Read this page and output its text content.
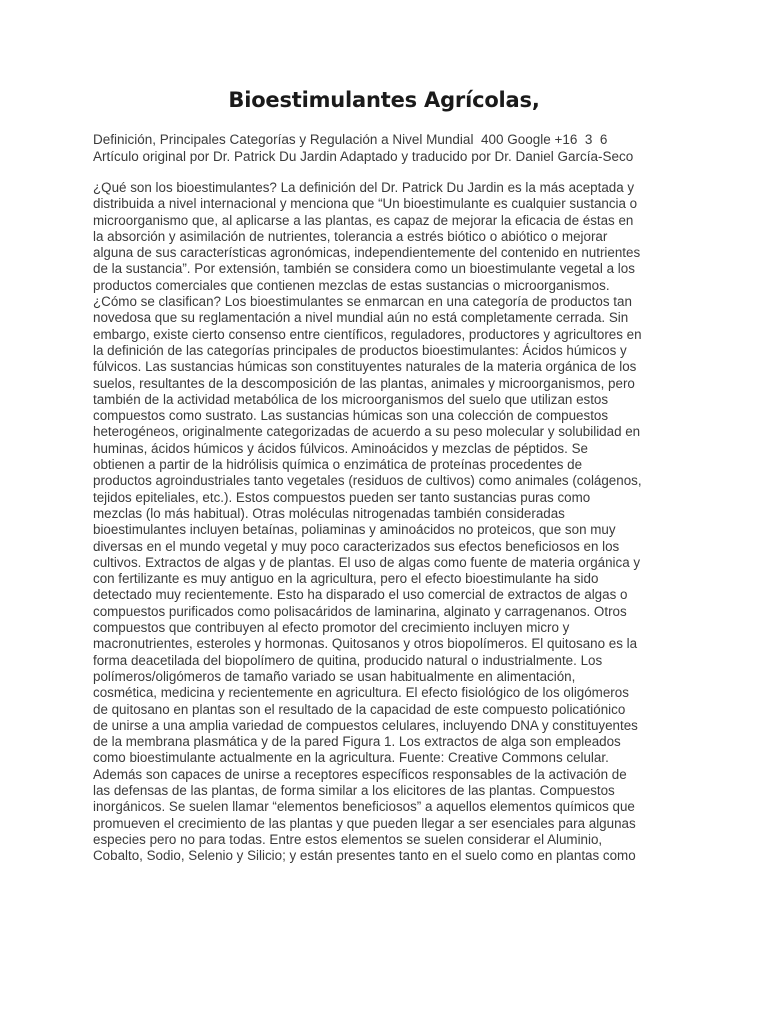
Bioestimulantes Agrícolas,
Definición, Principales Categorías y Regulación a Nivel Mundial  400 Google +16  3  6
Artículo original por Dr. Patrick Du Jardin Adaptado y traducido por Dr. Daniel García-Seco
¿Qué son los bioestimulantes? La definición del Dr. Patrick Du Jardin es la más aceptada y
distribuida a nivel internacional y menciona que “Un bioestimulante es cualquier sustancia o
microorganismo que, al aplicarse a las plantas, es capaz de mejorar la eficacia de éstas en
la absorción y asimilación de nutrientes, tolerancia a estrés biótico o abiótico o mejorar
alguna de sus características agronómicas, independientemente del contenido en nutrientes
de la sustancia”. Por extensión, también se considera como un bioestimulante vegetal a los
productos comerciales que contienen mezclas de estas sustancias o microorganismos.
¿Cómo se clasifican? Los bioestimulantes se enmarcan en una categoría de productos tan
novedosa que su reglamentación a nivel mundial aún no está completamente cerrada. Sin
embargo, existe cierto consenso entre científicos, reguladores, productores y agricultores en
la definición de las categorías principales de productos bioestimulantes: Ácidos húmicos y
fúlvicos. Las sustancias húmicas son constituyentes naturales de la materia orgánica de los
suelos, resultantes de la descomposición de las plantas, animales y microorganismos, pero
también de la actividad metabólica de los microorganismos del suelo que utilizan estos
compuestos como sustrato. Las sustancias húmicas son una colección de compuestos
heterogéneos, originalmente categorizadas de acuerdo a su peso molecular y solubilidad en
huminas, ácidos húmicos y ácidos fúlvicos. Aminoácidos y mezclas de péptidos. Se
obtienen a partir de la hidrólisis química o enzimática de proteínas procedentes de
productos agroindustriales tanto vegetales (residuos de cultivos) como animales (colágenos,
tejidos epiteliales, etc.). Estos compuestos pueden ser tanto sustancias puras como
mezclas (lo más habitual). Otras moléculas nitrogenadas también consideradas
bioestimulantes incluyen betaínas, poliaminas y aminoácidos no proteicos, que son muy
diversas en el mundo vegetal y muy poco caracterizados sus efectos beneficiosos en los
cultivos. Extractos de algas y de plantas. El uso de algas como fuente de materia orgánica y
con fertilizante es muy antiguo en la agricultura, pero el efecto bioestimulante ha sido
detectado muy recientemente. Esto ha disparado el uso comercial de extractos de algas o
compuestos purificados como polisacáridos de laminarina, alginato y carragenanos. Otros
compuestos que contribuyen al efecto promotor del crecimiento incluyen micro y
macronutrientes, esteroles y hormonas. Quitosanos y otros biopolímeros. El quitosano es la
forma deacetilada del biopolímero de quitina, producido natural o industrialmente. Los
polímeros/oligómeros de tamaño variado se usan habitualmente en alimentación,
cosmética, medicina y recientemente en agricultura. El efecto fisiológico de los oligómeros
de quitosano en plantas son el resultado de la capacidad de este compuesto policatiónico
de unirse a una amplia variedad de compuestos celulares, incluyendo DNA y constituyentes
de la membrana plasmática y de la pared Figura 1. Los extractos de alga son empleados
como bioestimulante actualmente en la agricultura. Fuente: Creative Commons celular.
Además son capaces de unirse a receptores específicos responsables de la activación de
las defensas de las plantas, de forma similar a los elicitores de las plantas. Compuestos
inorgánicos. Se suelen llamar “elementos beneficiosos” a aquellos elementos químicos que
promueven el crecimiento de las plantas y que pueden llegar a ser esenciales para algunas
especies pero no para todas. Entre estos elementos se suelen considerar el Aluminio,
Cobalto, Sodio, Selenio y Silicio; y están presentes tanto en el suelo como en plantas como
